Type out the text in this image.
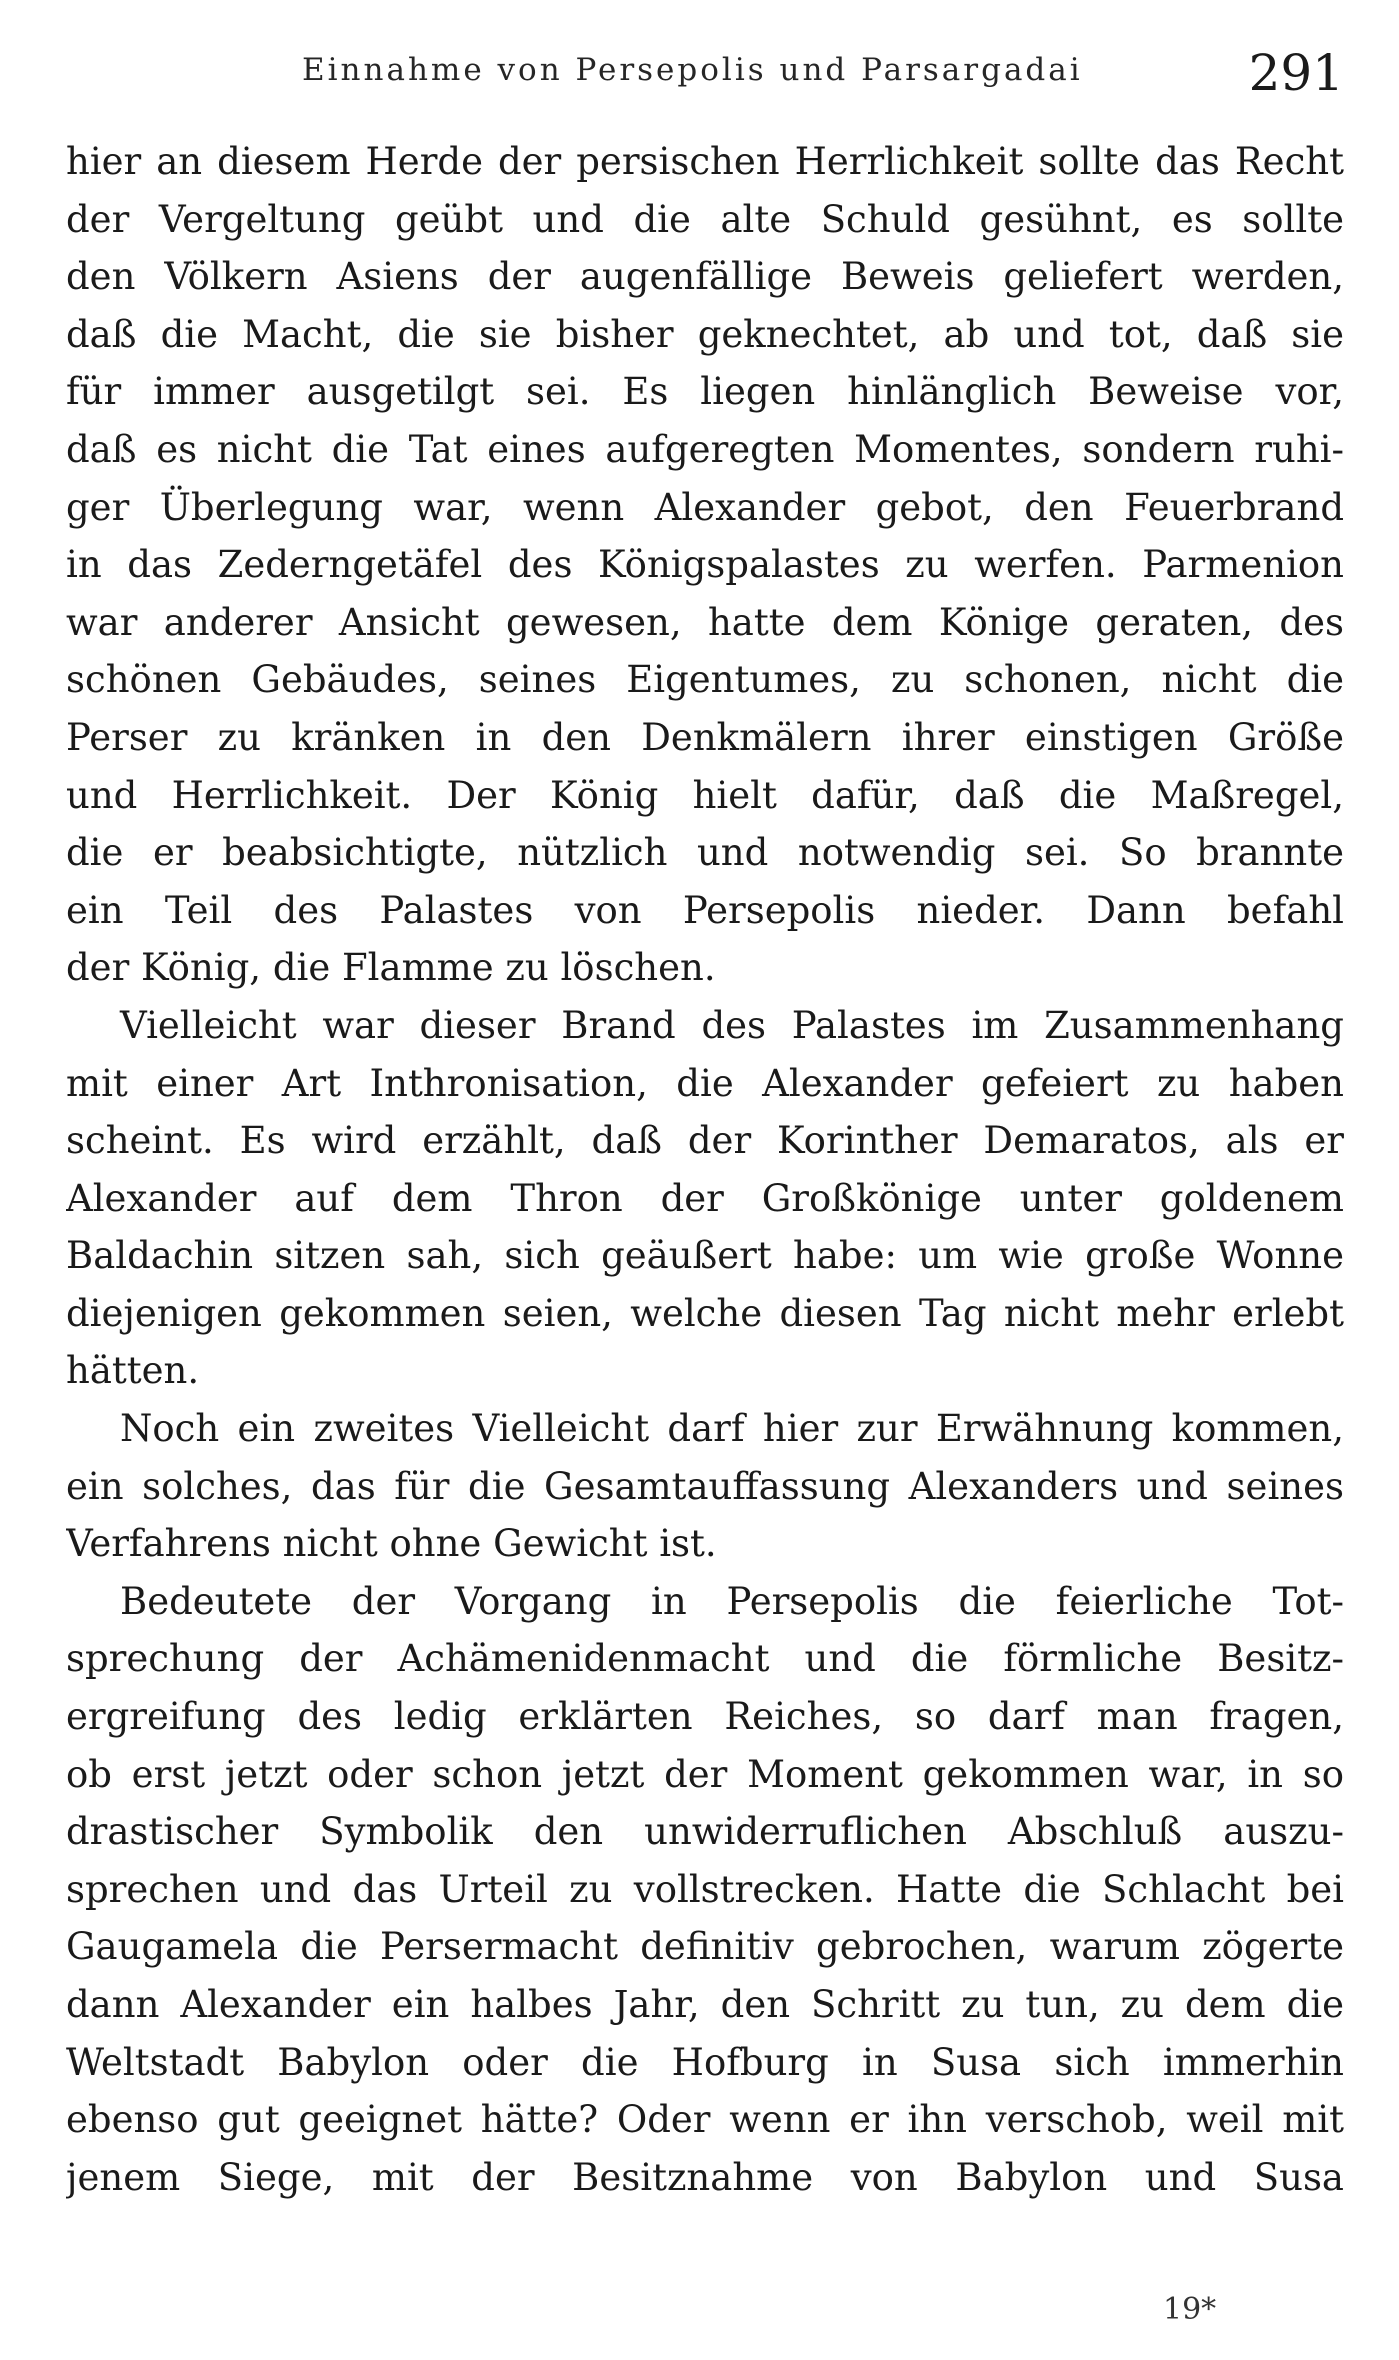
Einnahme von Persepolis und Parsargadai	291
hier an diesem Herde der persischen Herrlichkeit sollte das Recht
der Vergeltung geübt und die alte Schuld gesühnt, es sollte
den Völkern Asiens der augenfällige Beweis geliefert werden,
daß die Macht, die sie bisher geknechtet, ab und tot, daß sie
für immer ausgetilgt sei. Es liegen hinlänglich Beweise vor,
daß es nicht die Tat eines aufgeregten Momentes, sondern ruhi-
ger Überlegung war, wenn Alexander gebot, den Feuerbrand
in das Zederngetäfel des Königspalastes zu werfen. Parmenion
war anderer Ansicht gewesen, hatte dem Könige geraten, des
schönen Gebäudes, seines Eigentumes, zu schonen, nicht die
Perser zu kränken in den Denkmälern ihrer einstigen Größe
und Herrlichkeit. Der König hielt dafür, daß die Maßregel,
die er beabsichtigte, nützlich und notwendig sei. So brannte
ein Teil des Palastes von Persepolis nieder. Dann befahl
der König, die Flamme zu löschen.
Vielleicht war dieser Brand des Palastes im Zusammenhang
mit einer Art Inthronisation, die Alexander gefeiert zu haben
scheint. Es wird erzählt, daß der Korinther Demaratos, als er
Alexander auf dem Thron der Großkönige unter goldenem
Baldachin sitzen sah, sich geäußert habe: um wie große Wonne
diejenigen gekommen seien, welche diesen Tag nicht mehr erlebt
hätten.
Noch ein zweites Vielleicht darf hier zur Erwähnung kommen,
ein solches, das für die Gesamtauffassung Alexanders und seines
Verfahrens nicht ohne Gewicht ist.
Bedeutete der Vorgang in Persepolis die feierliche Tot-
sprechung der Achämenidenmacht und die förmliche Besitz-
ergreifung des ledig erklärten Reiches, so darf man fragen,
ob erst jetzt oder schon jetzt der Moment gekommen war, in so
drastischer Symbolik den unwiderruflichen Abschluß auszu-
sprechen und das Urteil zu vollstrecken. Hatte die Schlacht bei
Gaugamela die Persermacht definitiv gebrochen, warum zögerte
dann Alexander ein halbes Jahr, den Schritt zu tun, zu dem die
Weltstadt Babylon oder die Hofburg in Susa sich immerhin
ebenso gut geeignet hätte? Oder wenn er ihn verschob, weil mit
jenem Siege, mit der Besitznahme von Babylon und Susa
19*
